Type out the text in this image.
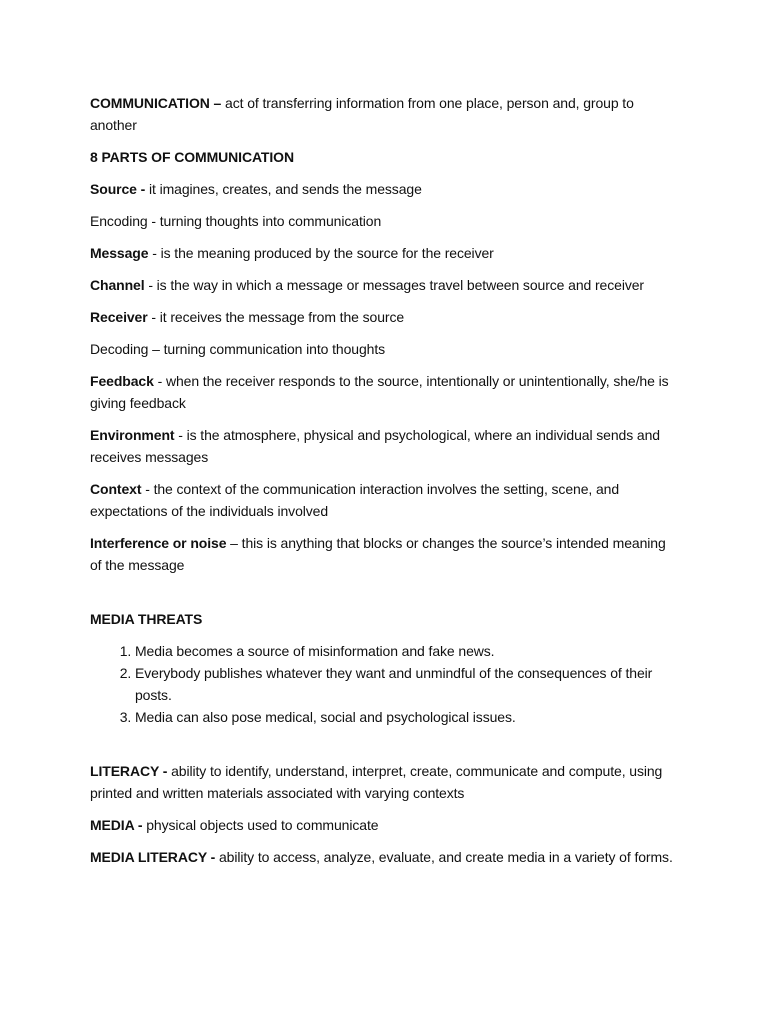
COMMUNICATION – act of transferring information from one place, person and, group to another

8 PARTS OF COMMUNICATION

Source - it imagines, creates, and sends the message

Encoding - turning thoughts into communication

Message - is the meaning produced by the source for the receiver

Channel - is the way in which a message or messages travel between source and receiver

Receiver - it receives the message from the source

Decoding – turning communication into thoughts

Feedback - when the receiver responds to the source, intentionally or unintentionally, she/he is giving feedback

Environment - is the atmosphere, physical and psychological, where an individual sends and receives messages

Context - the context of the communication interaction involves the setting, scene, and expectations of the individuals involved

Interference or noise – this is anything that blocks or changes the source’s intended meaning of the message

MEDIA THREATS

1. Media becomes a source of misinformation and fake news.
2. Everybody publishes whatever they want and unmindful of the consequences of their posts.
3. Media can also pose medical, social and psychological issues.

LITERACY - ability to identify, understand, interpret, create, communicate and compute, using printed and written materials associated with varying contexts

MEDIA - physical objects used to communicate

MEDIA LITERACY - ability to access, analyze, evaluate, and create media in a variety of forms.
